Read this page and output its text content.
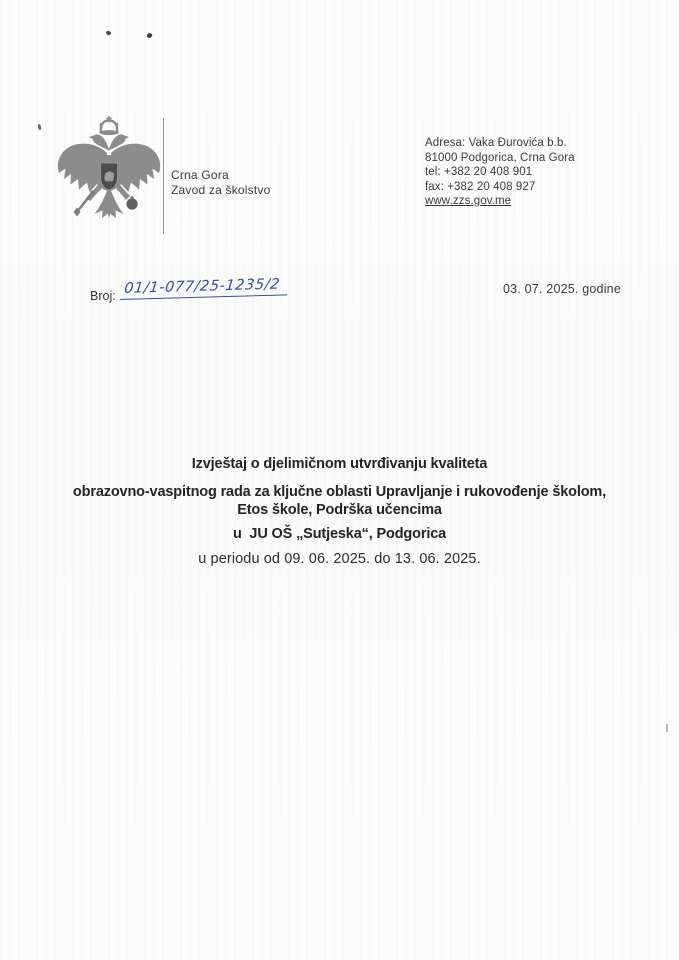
Crna Gora
Zavod za školstvo
Adresa: Vaka Đurovića b.b.
81000 Podgorica, Crna Gora
tel: +382 20 408 901
fax: +382 20 408 927
www.zzs.gov.me
Broj: 01/1-077/25-1235/2	03. 07. 2025. godine
Izvještaj o djelimičnom utvrđivanju kvaliteta
obrazovno-vaspitnog rada za ključne oblasti Upravljanje i rukovođenje školom,
Etos škole, Podrška učencima
u  JU OŠ „Sutjeska“, Podgorica
u periodu od 09. 06. 2025. do 13. 06. 2025.
